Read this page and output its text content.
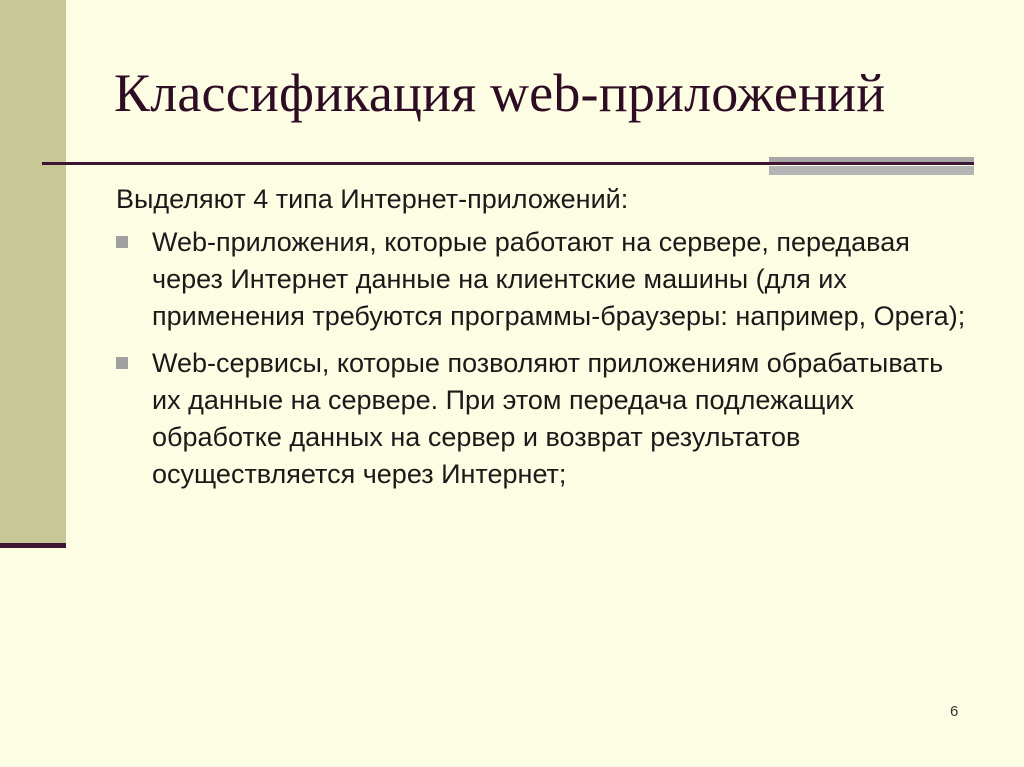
Классификация web-приложений

Выделяют 4 типа Интернет-приложений:

Web-приложения, которые работают на сервере, передавая через Интернет данные на клиентские машины (для их применения требуются программы-браузеры: например, Opera);
Web-сервисы, которые позволяют приложениям обрабатывать их данные на сервере. При этом передача подлежащих обработке данных на сервер и возврат результатов осуществляется через Интернет;
6
